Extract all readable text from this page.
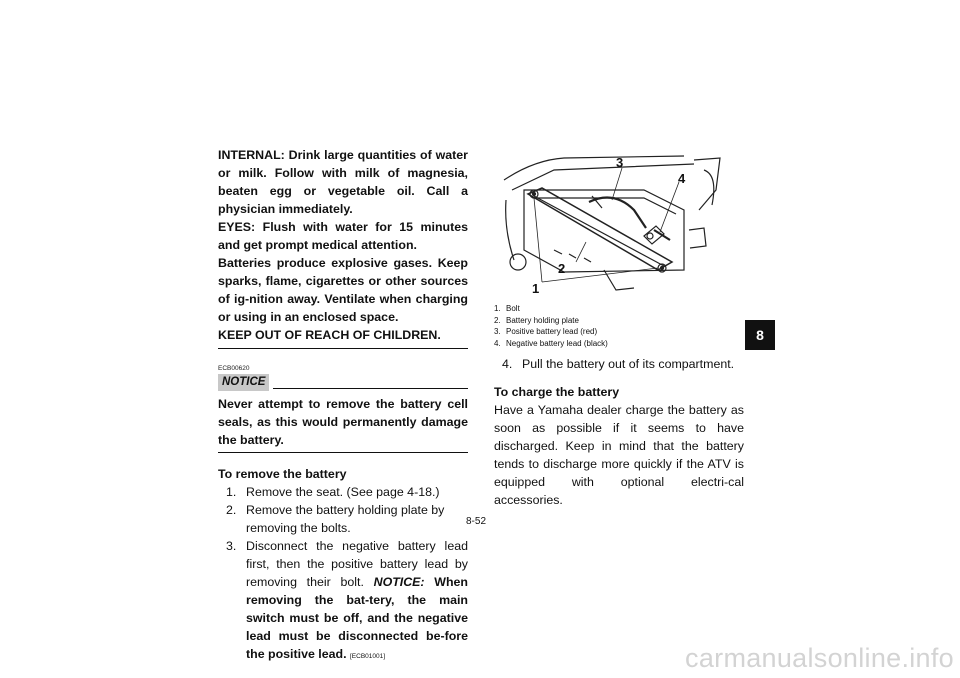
INTERNAL: Drink large quantities of water or milk. Follow with milk of magnesia, beaten egg or vegetable oil. Call a physician immediately.

EYES: Flush with water for 15 minutes and get prompt medical attention.

Batteries produce explosive gases. Keep sparks, flame, cigarettes or other sources of ig-nition away. Ventilate when charging or using in an enclosed space.

KEEP OUT OF REACH OF CHILDREN.

ECB00620
NOTICE

Never attempt to remove the battery cell seals, as this would permanently damage the battery.

To remove the battery

1. Remove the seat. (See page 4-18.)
2. Remove the battery holding plate by removing the bolts.
3. Disconnect the negative battery lead first, then the positive battery lead by removing their bolt. NOTICE: When removing the bat-tery, the main switch must be off, and the negative lead must be disconnected be-fore the positive lead. [ECB01001]
3
4
2
1
1. Bolt
2. Battery holding plate
3. Positive battery lead (red)
4. Negative battery lead (black)
4. Pull the battery out of its compartment.

To charge the battery

Have a Yamaha dealer charge the battery as soon as possible if it seems to have discharged. Keep in mind that the battery tends to discharge more quickly if the ATV is equipped with optional electri-cal accessories.

8
8-52
carmanualsonline.info
